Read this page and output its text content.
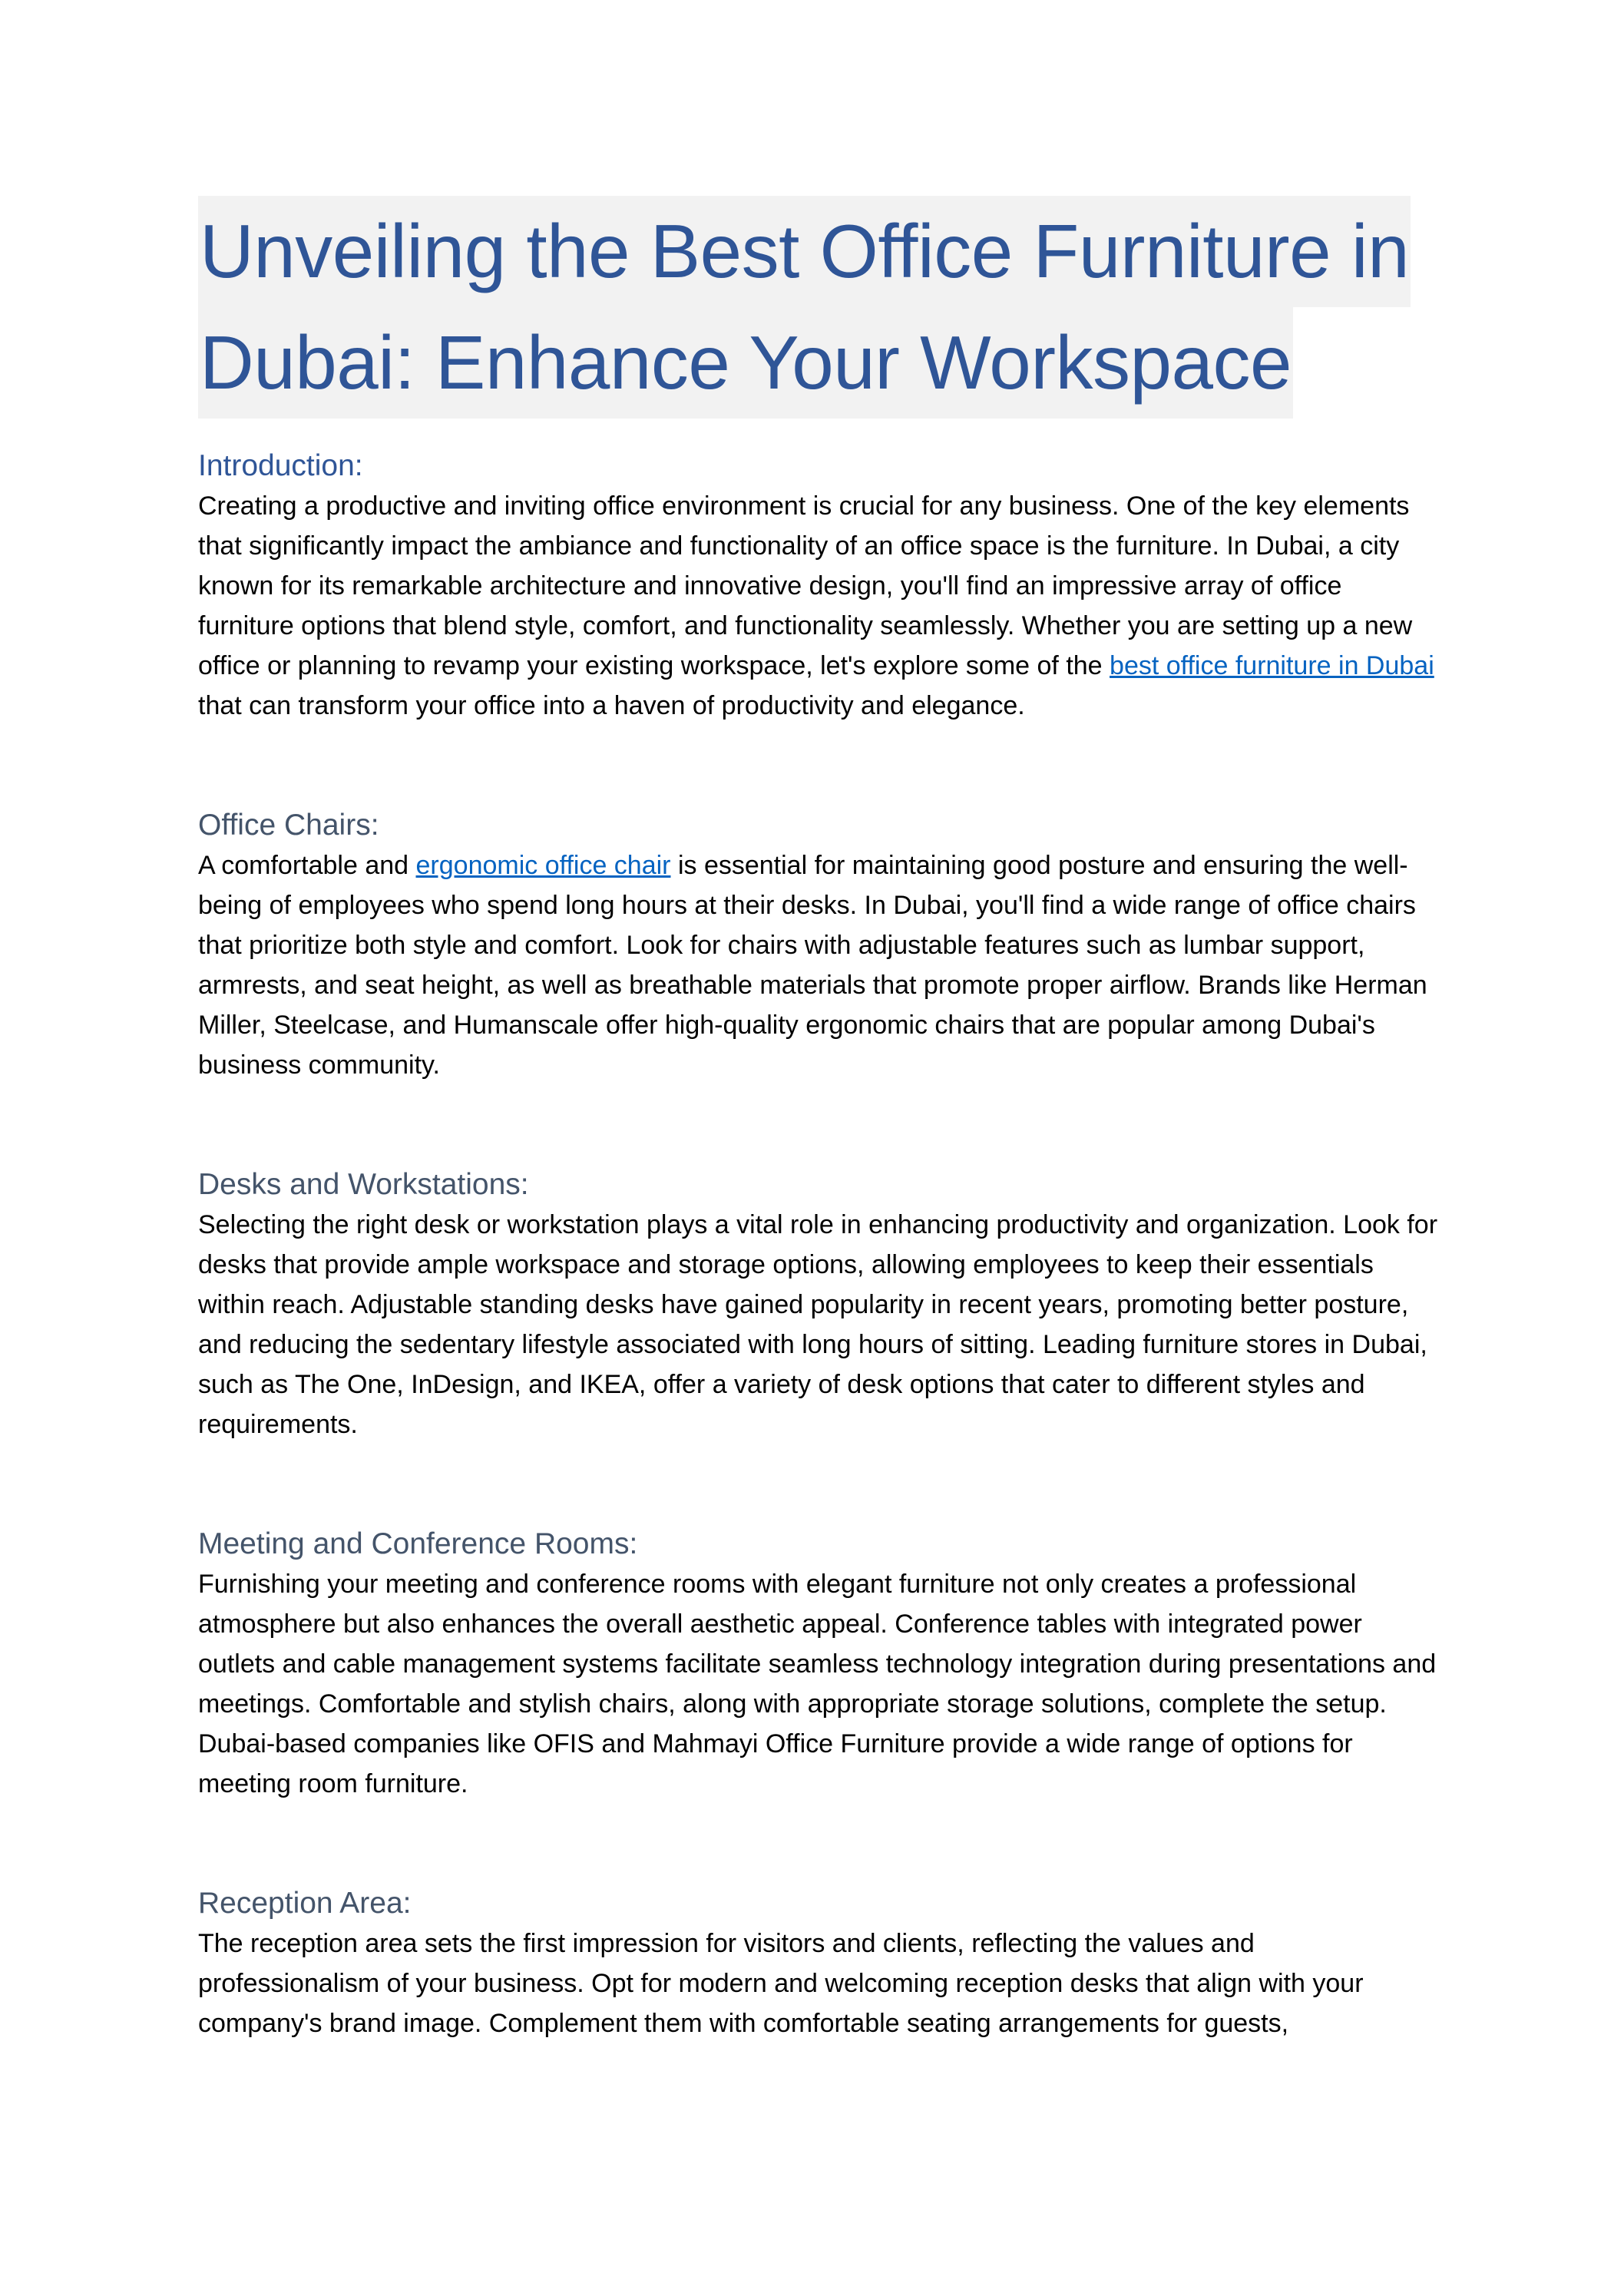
Unveiling the Best Office Furniture in
Dubai: Enhance Your Workspace
Introduction:

Creating a productive and inviting office environment is crucial for any business. One of the key elements that significantly impact the ambiance and functionality of an office space is the furniture. In Dubai, a city known for its remarkable architecture and innovative design, you'll find an impressive array of office furniture options that blend style, comfort, and functionality seamlessly. Whether you are setting up a new office or planning to revamp your existing workspace, let's explore some of the best office furniture in Dubai that can transform your office into a haven of productivity and elegance.

Office Chairs:

A comfortable and ergonomic office chair is essential for maintaining good posture and ensuring the well-being of employees who spend long hours at their desks. In Dubai, you'll find a wide range of office chairs that prioritize both style and comfort. Look for chairs with adjustable features such as lumbar support, armrests, and seat height, as well as breathable materials that promote proper airflow. Brands like Herman Miller, Steelcase, and Humanscale offer high-quality ergonomic chairs that are popular among Dubai's business community.

Desks and Workstations:

Selecting the right desk or workstation plays a vital role in enhancing productivity and organization. Look for desks that provide ample workspace and storage options, allowing employees to keep their essentials within reach. Adjustable standing desks have gained popularity in recent years, promoting better posture, and reducing the sedentary lifestyle associated with long hours of sitting. Leading furniture stores in Dubai, such as The One, InDesign, and IKEA, offer a variety of desk options that cater to different styles and requirements.

Meeting and Conference Rooms:

Furnishing your meeting and conference rooms with elegant furniture not only creates a professional atmosphere but also enhances the overall aesthetic appeal. Conference tables with integrated power outlets and cable management systems facilitate seamless technology integration during presentations and meetings. Comfortable and stylish chairs, along with appropriate storage solutions, complete the setup. Dubai-based companies like OFIS and Mahmayi Office Furniture provide a wide range of options for meeting room furniture.

Reception Area:

The reception area sets the first impression for visitors and clients, reflecting the values and professionalism of your business. Opt for modern and welcoming reception desks that align with your company's brand image. Complement them with comfortable seating arrangements for guests,
